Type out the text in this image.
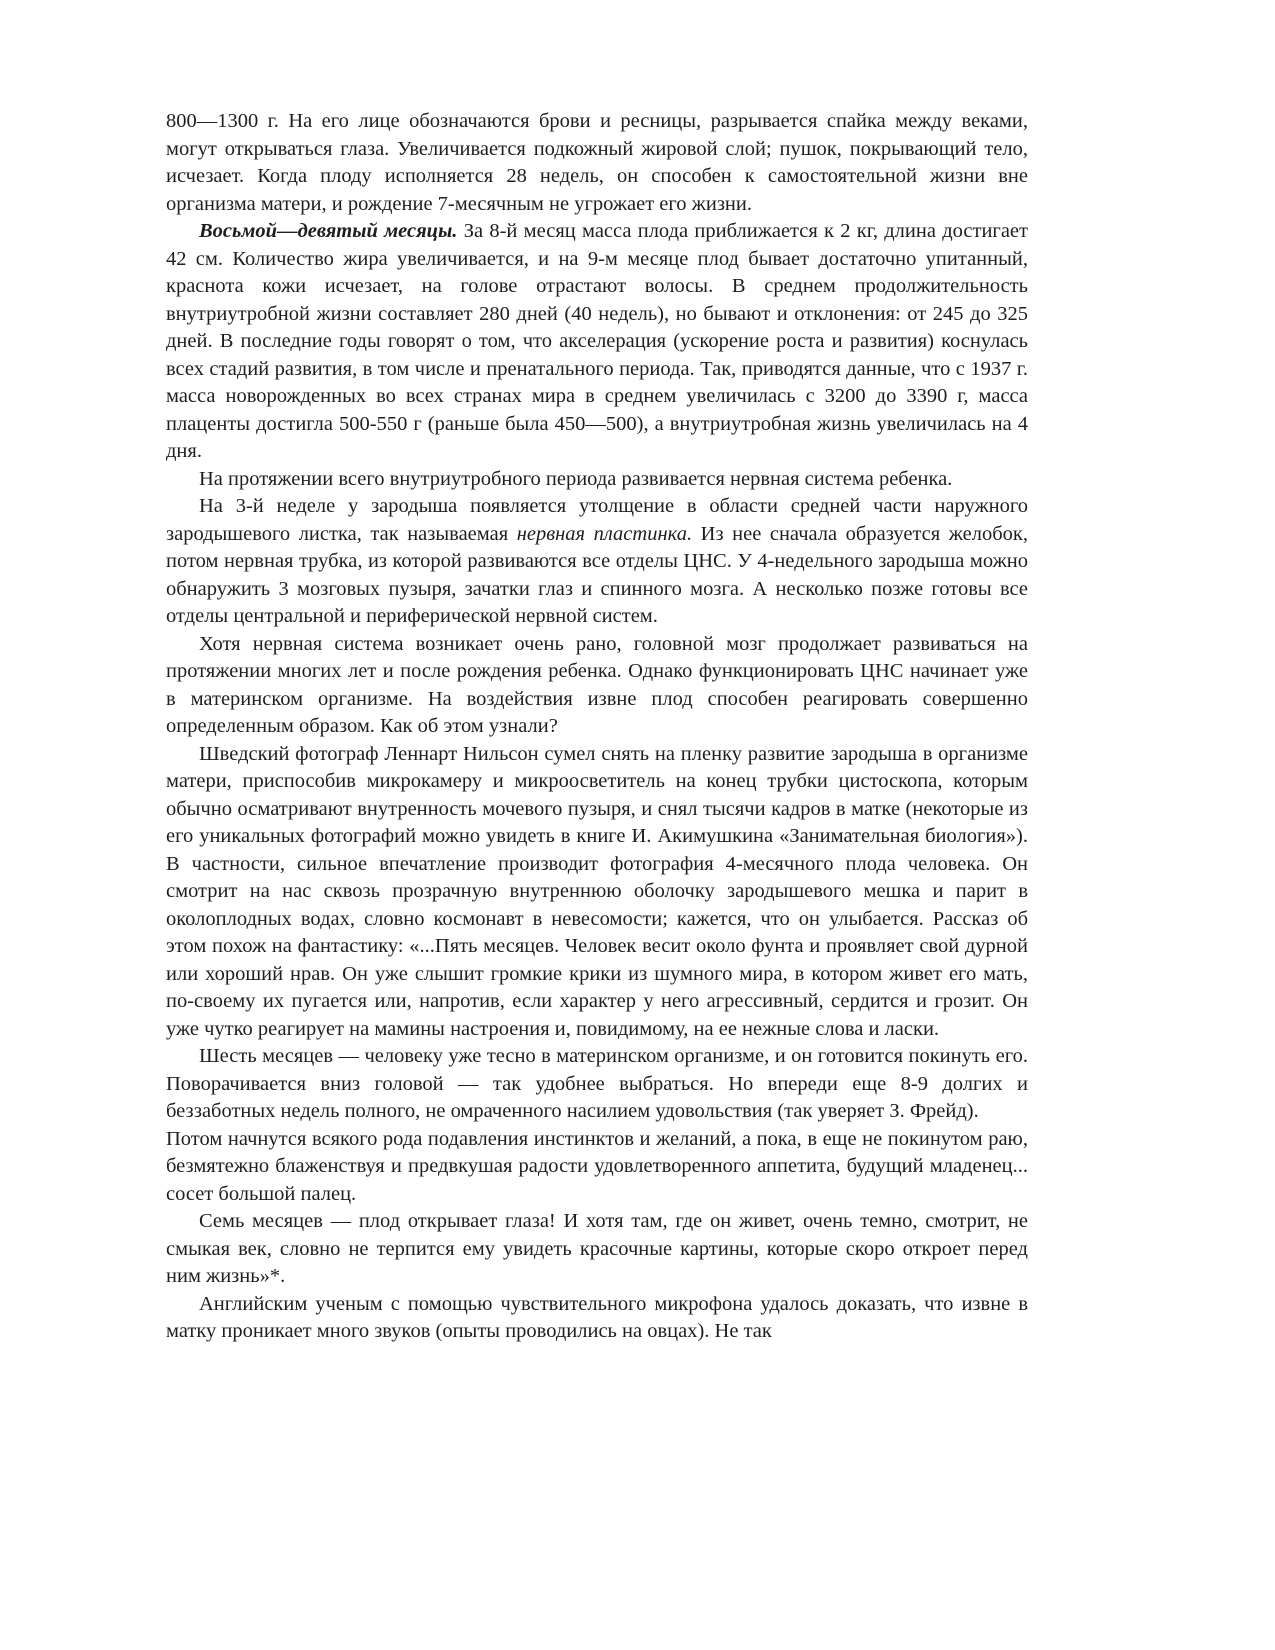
800—1300 г. На его лице обозначаются брови и ресницы, разрывается спайка между веками, могут открываться глаза. Увеличивается подкожный жировой слой; пушок, покрывающий тело, исчезает. Когда плоду исполняется 28 недель, он способен к самостоятельной жизни вне организма матери, и рождение 7-месячным не угрожает его жизни.

Восьмой—девятый месяцы. За 8-й месяц масса плода приближается к 2 кг, длина достигает 42 см. Количество жира увеличивается, и на 9-м месяце плод бывает достаточно упитанный, краснота кожи исчезает, на голове отрастают волосы. В среднем продолжительность внутриутробной жизни составляет 280 дней (40 недель), но бывают и отклонения: от 245 до 325 дней. В последние годы говорят о том, что акселерация (ускорение роста и развития) коснулась всех стадий развития, в том числе и пренатального периода. Так, приводятся данные, что с 1937 г. масса новорожденных во всех странах мира в среднем увеличилась с 3200 до 3390 г, масса плаценты достигла 500-550 г (раньше была 450—500), а внутриутробная жизнь увеличилась на 4 дня.

На протяжении всего внутриутробного периода развивается нервная система ребенка.

На 3-й неделе у зародыша появляется утолщение в области средней части наружного зародышевого листка, так называемая нервная пластинка. Из нее сначала образуется желобок, потом нервная трубка, из которой развиваются все отделы ЦНС. У 4-недельного зародыша можно обнаружить 3 мозговых пузыря, зачатки глаз и спинного мозга. А несколько позже готовы все отделы центральной и периферической нервной систем.

Хотя нервная система возникает очень рано, головной мозг продолжает развиваться на протяжении многих лет и после рождения ребенка. Однако функционировать ЦНС начинает уже в материнском организме. На воздействия извне плод способен реагировать совершенно определенным образом. Как об этом узнали?

Шведский фотограф Леннарт Нильсон сумел снять на пленку развитие зародыша в организме матери, приспособив микрокамеру и микроосветитель на конец трубки цистоскопа, которым обычно осматривают внутренность мочевого пузыря, и снял тысячи кадров в матке (некоторые из его уникальных фотографий можно увидеть в книге И. Акимушкина «Занимательная биология»). В частности, сильное впечатление производит фотография 4-месячного плода человека. Он смотрит на нас сквозь прозрачную внутреннюю оболочку зародышевого мешка и парит в околоплодных водах, словно космонавт в невесомости; кажется, что он улыбается. Рассказ об этом похож на фантастику: «...Пять месяцев. Человек весит около фунта и проявляет свой дурной или хороший нрав. Он уже слышит громкие крики из шумного мира, в котором живет его мать, по-своему их пугается или, напротив, если характер у него агрессивный, сердится и грозит. Он уже чутко реагирует на мамины настроения и, повидимому, на ее нежные слова и ласки.

Шесть месяцев — человеку уже тесно в материнском организме, и он готовится покинуть его. Поворачивается вниз головой — так удобнее выбраться. Но впереди еще 8-9 долгих и беззаботных недель полного, не омраченного насилием удовольствия (так уверяет З. Фрейд).

Потом начнутся всякого рода подавления инстинктов и желаний, а пока, в еще не покинутом раю, безмятежно блаженствуя и предвкушая радости удовлетворенного аппетита, будущий младенец... сосет большой палец.

Семь месяцев — плод открывает глаза! И хотя там, где он живет, очень темно, смотрит, не смыкая век, словно не терпится ему увидеть красочные картины, которые скоро откроет перед ним жизнь»*.

Английским ученым с помощью чувствительного микрофона удалось доказать, что извне в матку проникает много звуков (опыты проводились на овцах). Не так
